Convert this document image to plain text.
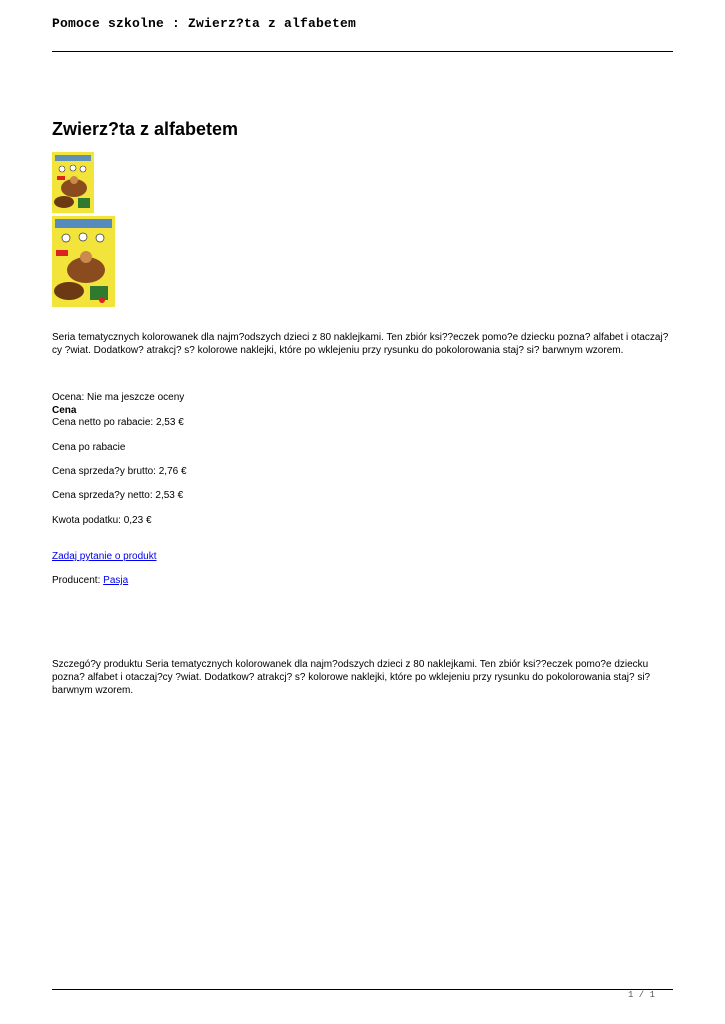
Pomoce szkolne : Zwierz?ta z alfabetem
Zwierz?ta z alfabetem

Seria tematycznych kolorowanek dla najm?odszych dzieci z 80 naklejkami. Ten zbiór ksi??eczek pomo?e dziecku pozna? alfabet i otaczaj?cy ?wiat. Dodatkow? atrakcj? s? kolorowe naklejki, które po wklejeniu przy rysunku do pokolorowania staj? si? barwnym wzorem.

Ocena: Nie ma jeszcze oceny
Cena
Cena netto po rabacie: 2,53 €
Cena po rabacie
Cena sprzeda?y brutto: 2,76 €
Cena sprzeda?y netto: 2,53 €
Kwota podatku: 0,23 €
Zadaj pytanie o produkt
Producent: Pasja

Szczegó?y produktu Seria tematycznych kolorowanek dla najm?odszych dzieci z 80 naklejkami. Ten zbiór ksi??eczek pomo?e dziecku pozna? alfabet i otaczaj?cy ?wiat. Dodatkow? atrakcj? s? kolorowe naklejki, które po wklejeniu przy rysunku do pokolorowania staj? si? barwnym wzorem.

1 / 1
